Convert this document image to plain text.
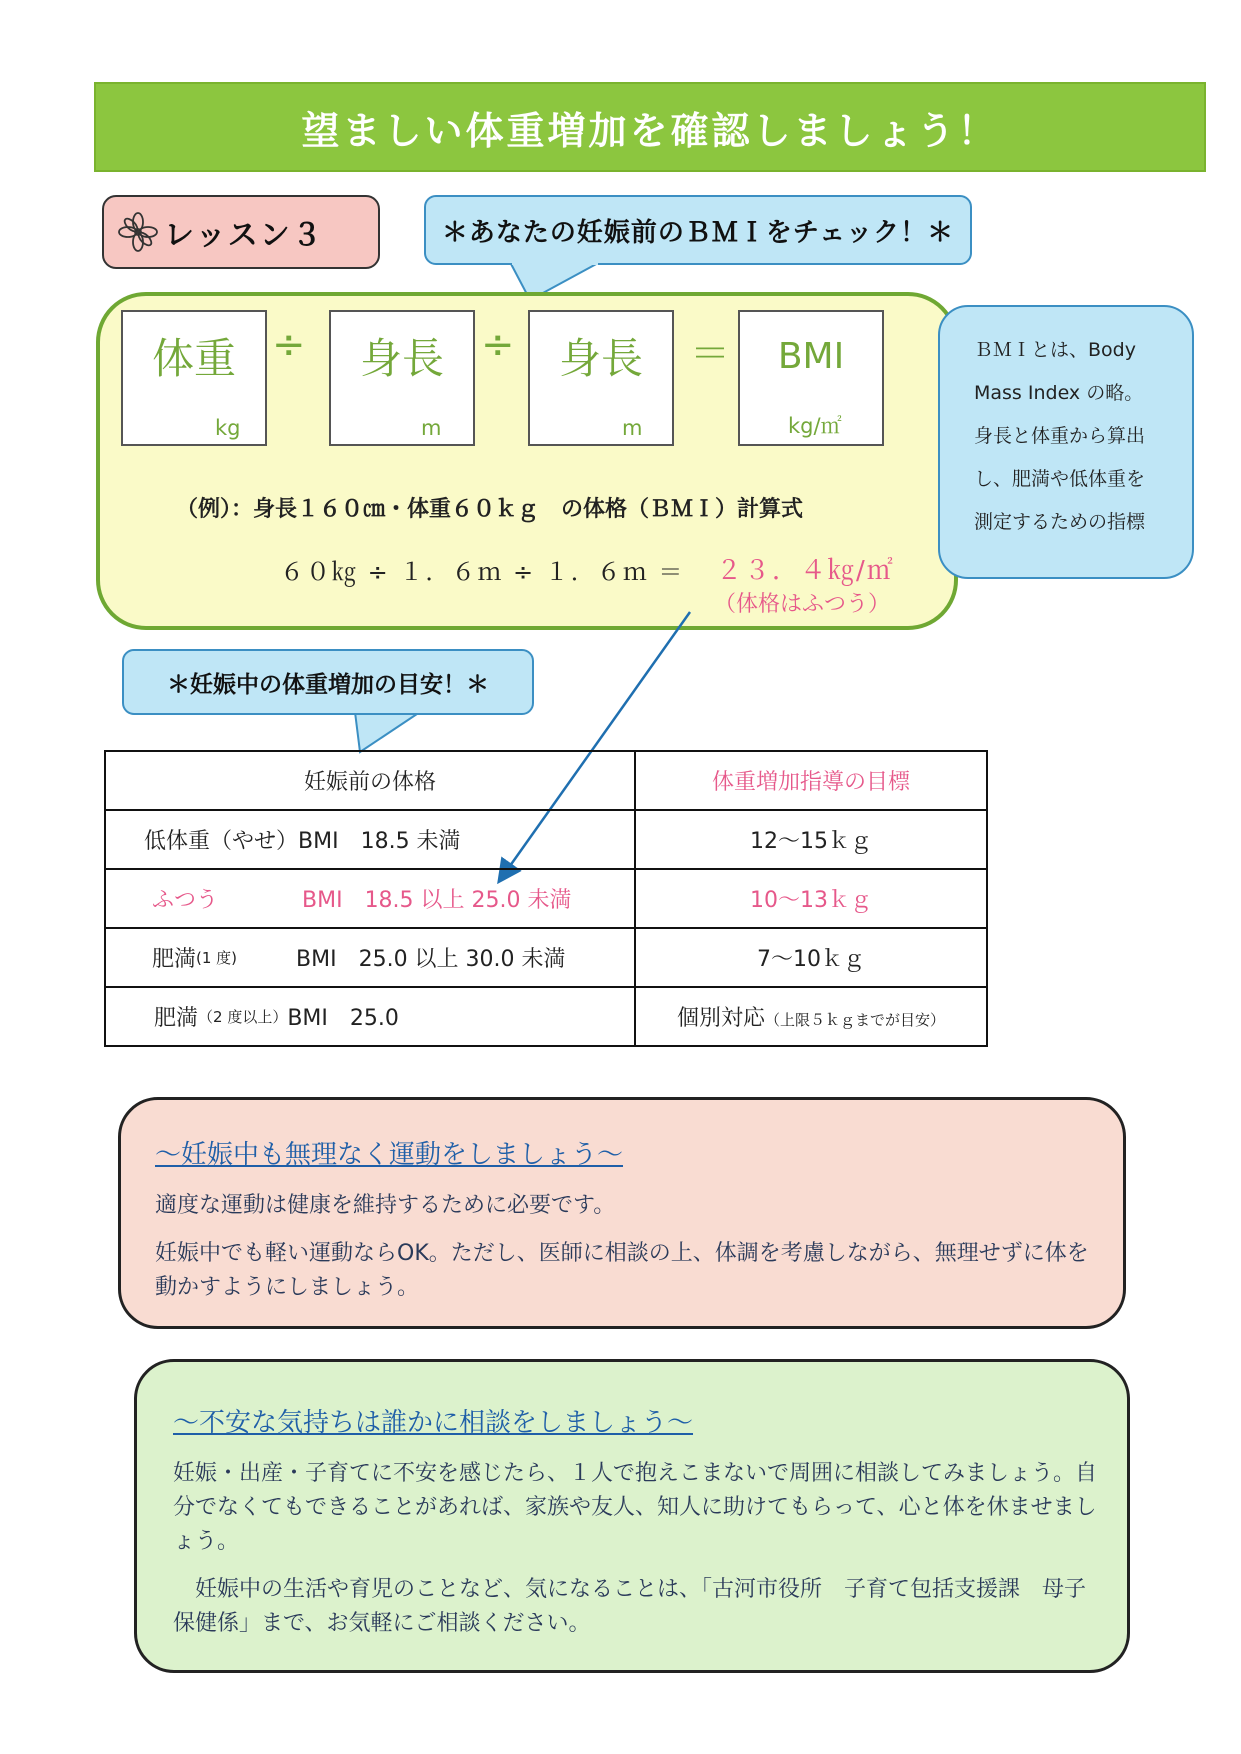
望ましい体重増加を確認しましょう！
レッスン３	＊あなたの妊娠前のＢＭＩをチェック！＊
ＢＭＩとは、Body
Mass Index の略。
身長と体重から算出
し、肥満や低体重を
測定するための指標
体重
kg
÷	身長
m
÷	身長
m
＝	BMI
kg/㎡
（例）：身長１６０㎝・体重６０ｋｇ　の体格（ＢＭＩ）計算式
６０㎏ ÷ １．６ｍ ÷ １．６ｍ ＝ ２３．４㎏/㎡
（体格はふつう）
＊妊娠中の体重増加の目安！＊
妊娠前の体格	体重増加指導の目標

低体重（やせ） BMI　18.5 未満	12～15ｋｇ

ふつう BMI　18.5 以上 25.0 未満	10～13ｋｇ

肥満 (1 度) BMI　25.0 以上 30.0 未満	7～10ｋｇ

肥満 （2 度以上） BMI　25.0	個別対応（上限５ｋｇまでが目安）
～妊娠中も無理なく運動をしましょう～

適度な運動は健康を維持するために必要です。

妊娠中でも軽い運動ならOK。ただし、医師に相談の上、体調を考慮しながら、無理せずに体を動かすようにしましょう。

～不安な気持ちは誰かに相談をしましょう～

妊娠・出産・子育てに不安を感じたら、１人で抱えこまないで周囲に相談してみましょう。自分でなくてもできることがあれば、家族や友人、知人に助けてもらって、心と体を休ませましょう。

　妊娠中の生活や育児のことなど、気になることは、「古河市役所　子育て包括支援課　母子保健係」まで、お気軽にご相談ください。
